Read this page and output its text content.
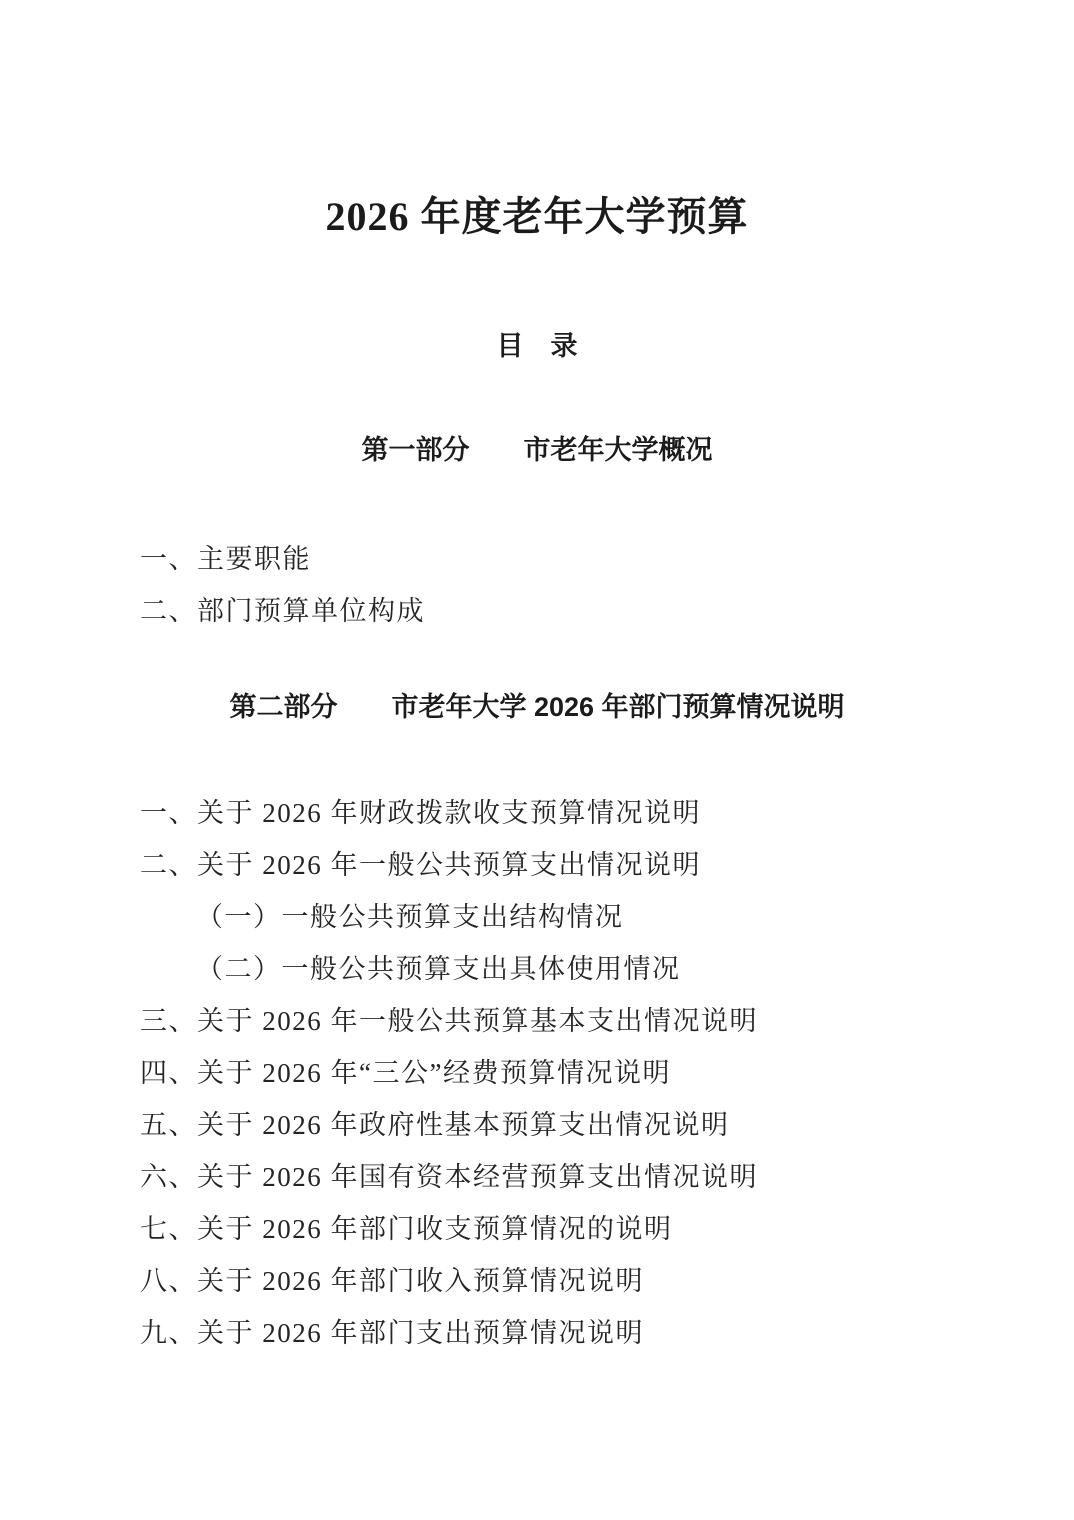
2026 年度老年大学预算
目　录
第一部分　　市老年大学概况

一、主要职能

二、部门预算单位构成

第二部分　　市老年大学 2026 年部门预算情况说明

一、关于 2026 年财政拨款收支预算情况说明

二、关于 2026 年一般公共预算支出情况说明

（一）一般公共预算支出结构情况

（二）一般公共预算支出具体使用情况

三、关于 2026 年一般公共预算基本支出情况说明

四、关于 2026 年“三公”经费预算情况说明

五、关于 2026 年政府性基本预算支出情况说明

六、关于 2026 年国有资本经营预算支出情况说明

七、关于 2026 年部门收支预算情况的说明

八、关于 2026 年部门收入预算情况说明

九、关于 2026 年部门支出预算情况说明
